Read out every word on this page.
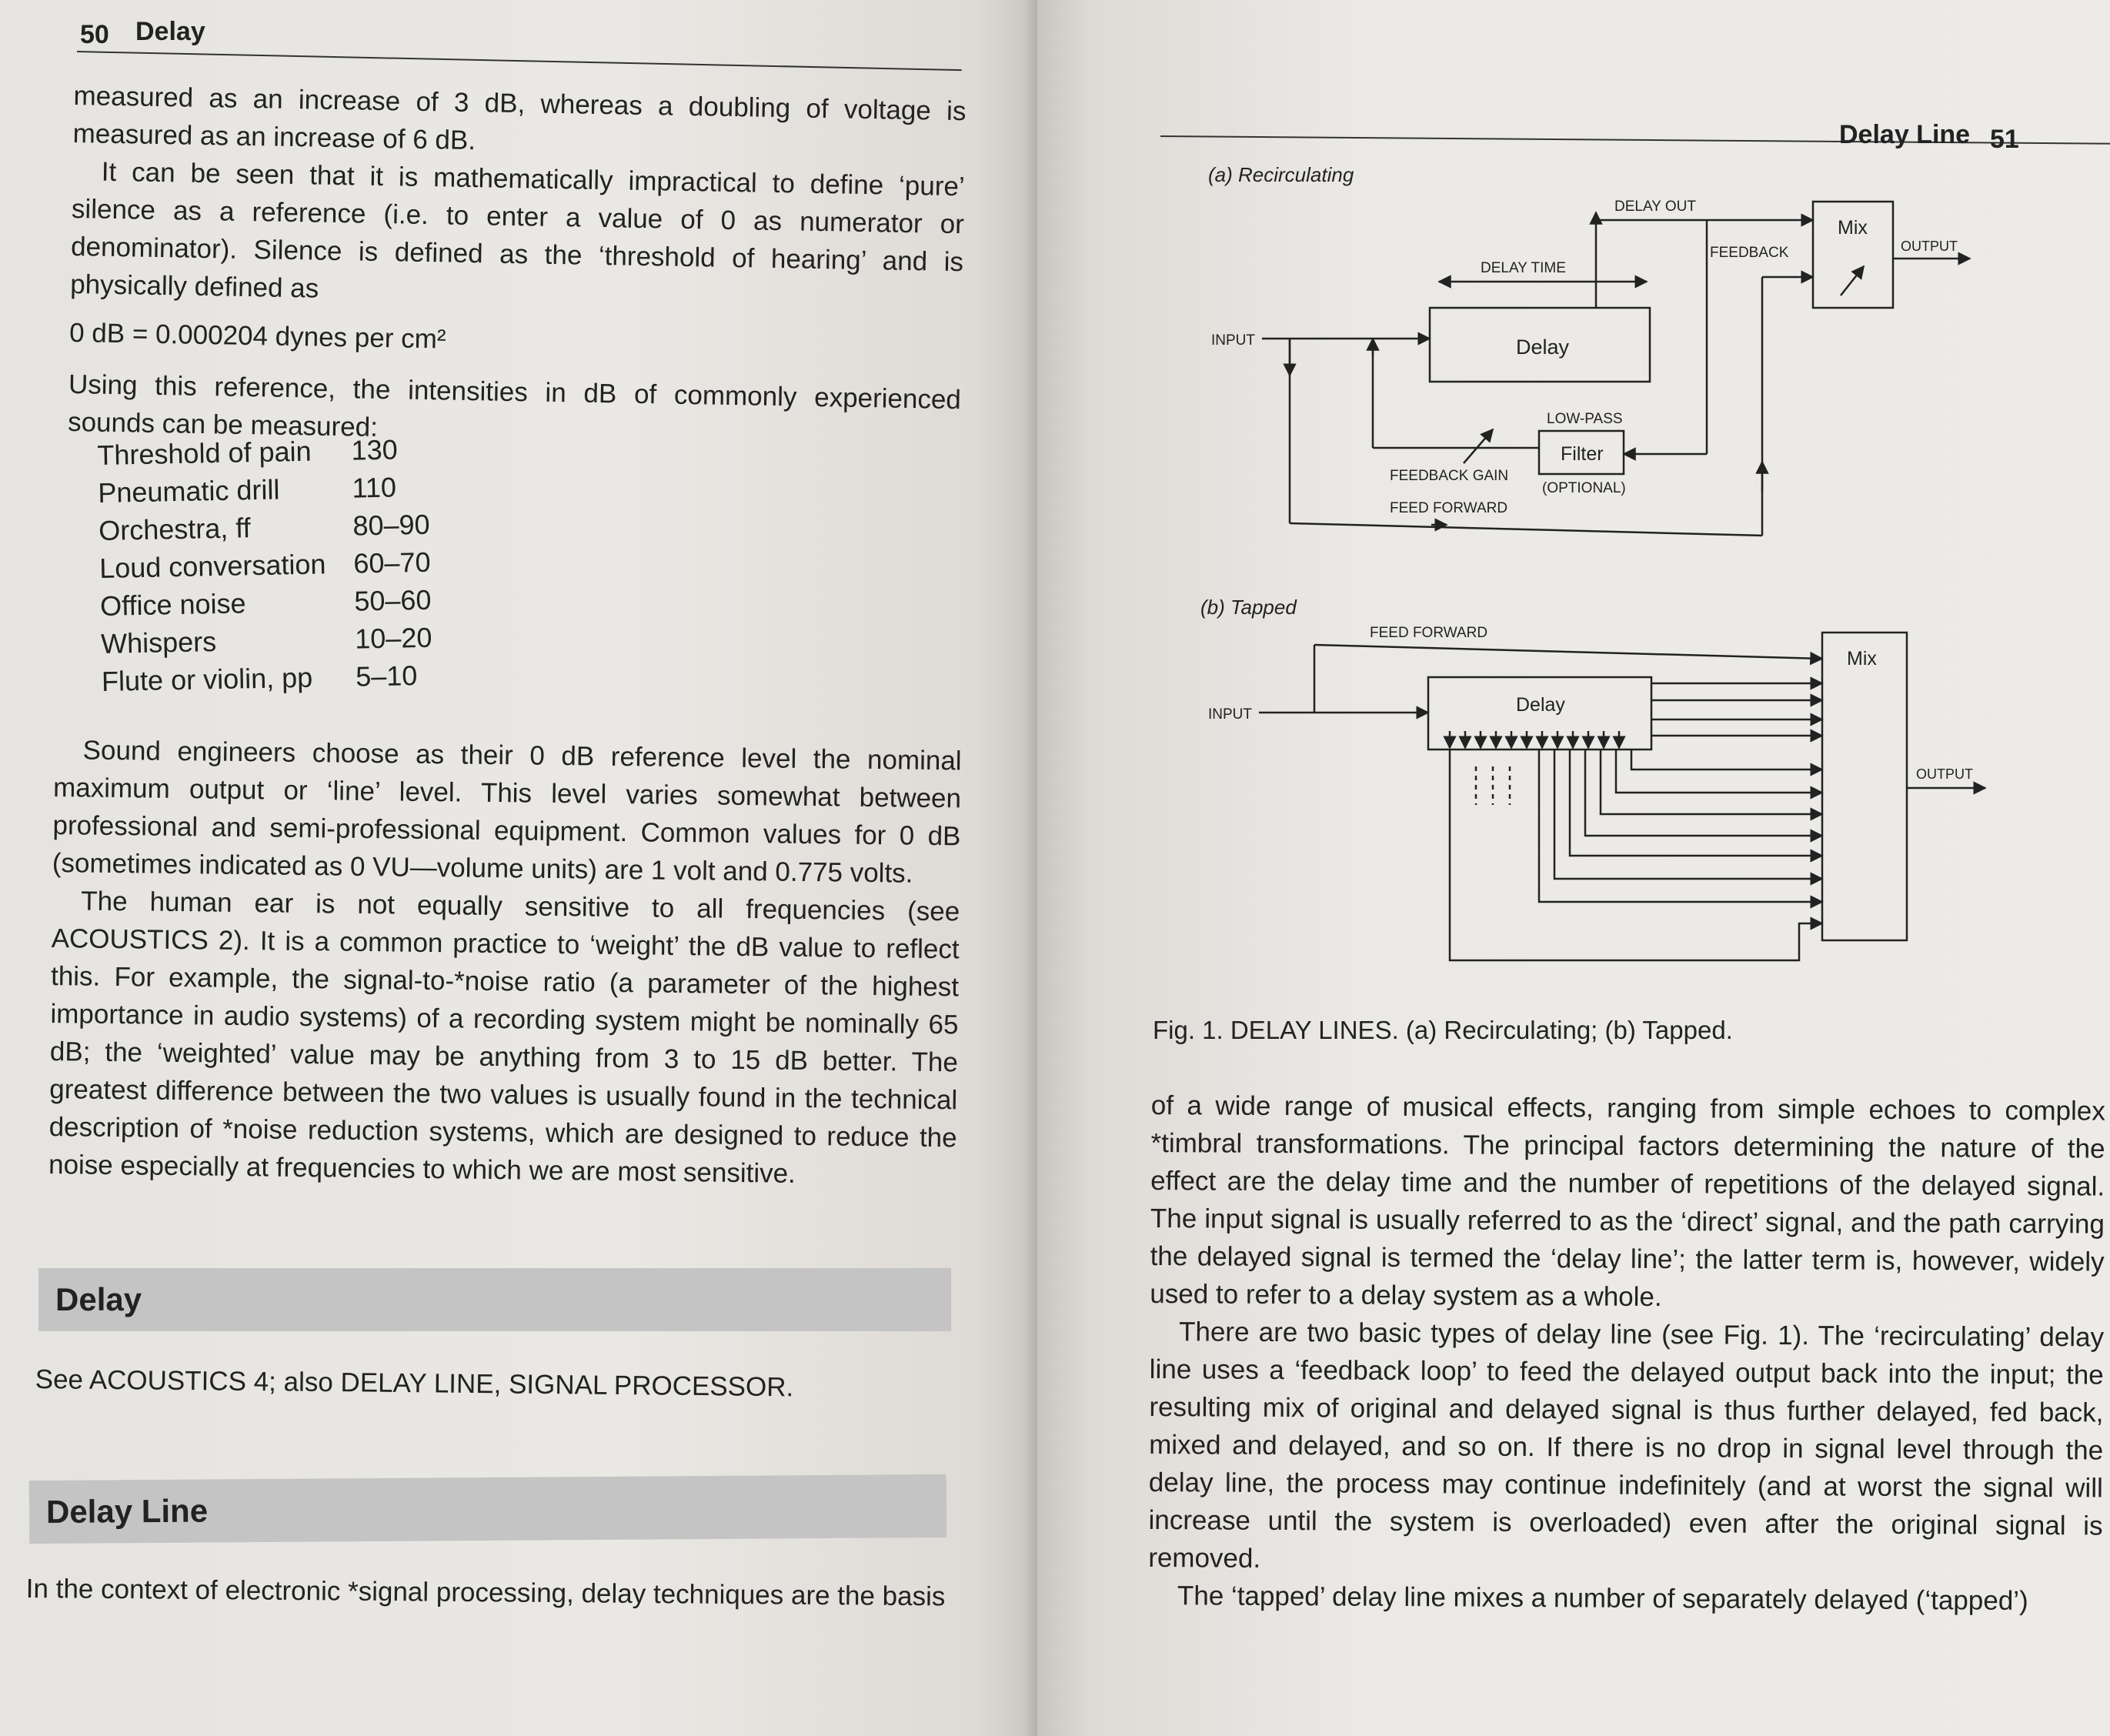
50 Delay

measured as an increase of 3 dB, whereas a doubling of voltage is measured as an increase of 6 dB.

It can be seen that it is mathematically impractical to define ‘pure’ silence as a reference (i.e. to enter a value of 0 as numerator or denominator). Silence is defined as the ‘threshold of hearing’ and is physically defined as

0 dB = 0.000204 dynes per cm²

Using this reference, the intensities in dB of commonly experienced sounds can be measured:

Threshold of pain	130
Pneumatic drill	110
Orchestra, ff	80–90
Loud conversation	60–70
Office noise	50–60
Whispers	10–20
Flute or violin, pp	5–10

Sound engineers choose as their 0 dB reference level the nominal maximum output or ‘line’ level. This level varies somewhat between professional and semi-professional equipment. Common values for 0 dB (sometimes indicated as 0 VU—volume units) are 1 volt and 0.775 volts.

The human ear is not equally sensitive to all frequencies (see ACOUSTICS 2). It is a common practice to ‘weight’ the dB value to reflect this. For example, the signal-to-*noise ratio (a parameter of the highest importance in audio systems) of a recording system might be nominally 65 dB; the ‘weighted’ value may be anything from 3 to 15 dB better. The greatest difference between the two values is usually found in the technical description of *noise reduction systems, which are designed to reduce the noise especially at frequencies to which we are most sensitive.

Delay
See ACOUSTICS 4; also DELAY LINE, SIGNAL PROCESSOR.
Delay Line
In the context of electronic *signal processing, delay techniques are the basis
Delay Line 51
(a) Recirculating
INPUT	Delay
DELAY TIME
DELAY OUT
FEEDBACK
Mix
OUTPUT
LOW-PASS
Filter
(OPTIONAL)
FEEDBACK GAIN
FEED FORWARD
(b) Tapped
FEED FORWARD
INPUT	Delay
Mix
OUTPUT
Fig. 1. DELAY LINES. (a) Recirculating; (b) Tapped.

of a wide range of musical effects, ranging from simple echoes to complex *timbral transformations. The principal factors determining the nature of the effect are the delay time and the number of repetitions of the delayed signal. The input signal is usually referred to as the ‘direct’ signal, and the path carrying the delayed signal is termed the ‘delay line’; the latter term is, however, widely used to refer to a delay system as a whole.

There are two basic types of delay line (see Fig. 1). The ‘recirculating’ delay line uses a ‘feedback loop’ to feed the delayed output back into the input; the resulting mix of original and delayed signal is thus further delayed, fed back, mixed and delayed, and so on. If there is no drop in signal level through the delay line, the process may continue indefinitely (and at worst the signal will increase until the system is overloaded) even after the original signal is removed.

The ‘tapped’ delay line mixes a number of separately delayed (‘tapped’)
